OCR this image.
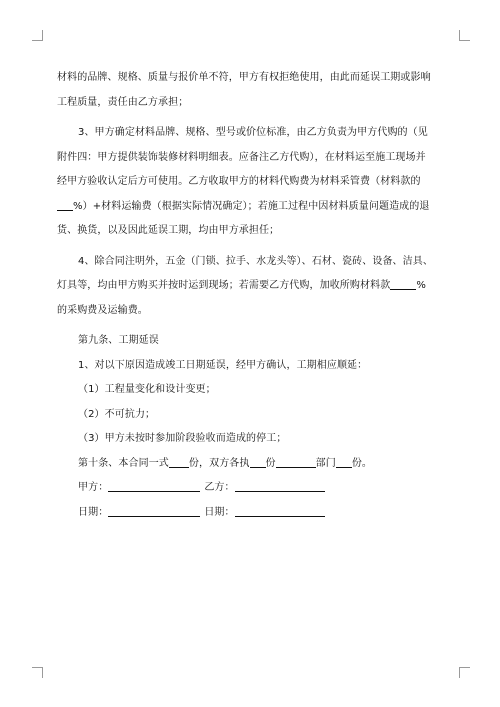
材料的品牌、规格、质量与报价单不符，甲方有权拒绝使用，由此而延误工期或影响
工程质量，责任由乙方承担；
3、甲方确定材料品牌、规格、型号或价位标准，由乙方负责为甲方代购的（见
附件四：甲方提供装饰装修材料明细表。应备注乙方代购），在材料运至施工现场并
经甲方验收认定后方可使用。乙方收取甲方的材料代购费为材料采管费（材料款的
%）+材料运输费（根据实际情况确定）；若施工过程中因材料质量问题造成的退
货、换货，以及因此延误工期，均由甲方承担任；
4、除合同注明外，五金（门锁、拉手、水龙头等）、石材、瓷砖、设备、洁具、
灯具等，均由甲方购买并按时运到现场；若需要乙方代购，加收所购材料款	%
的采购费及运输费。
第九条、工期延误
1、对以下原因造成竣工日期延误，经甲方确认，工期相应顺延：
（1）工程量变化和设计变更；
（2）不可抗力；
（3）甲方未按时参加阶段验收而造成的停工；
第十条、本合同一式 份，双方各执 份	部门 份。
甲方：	乙方：
日期：	日期：
